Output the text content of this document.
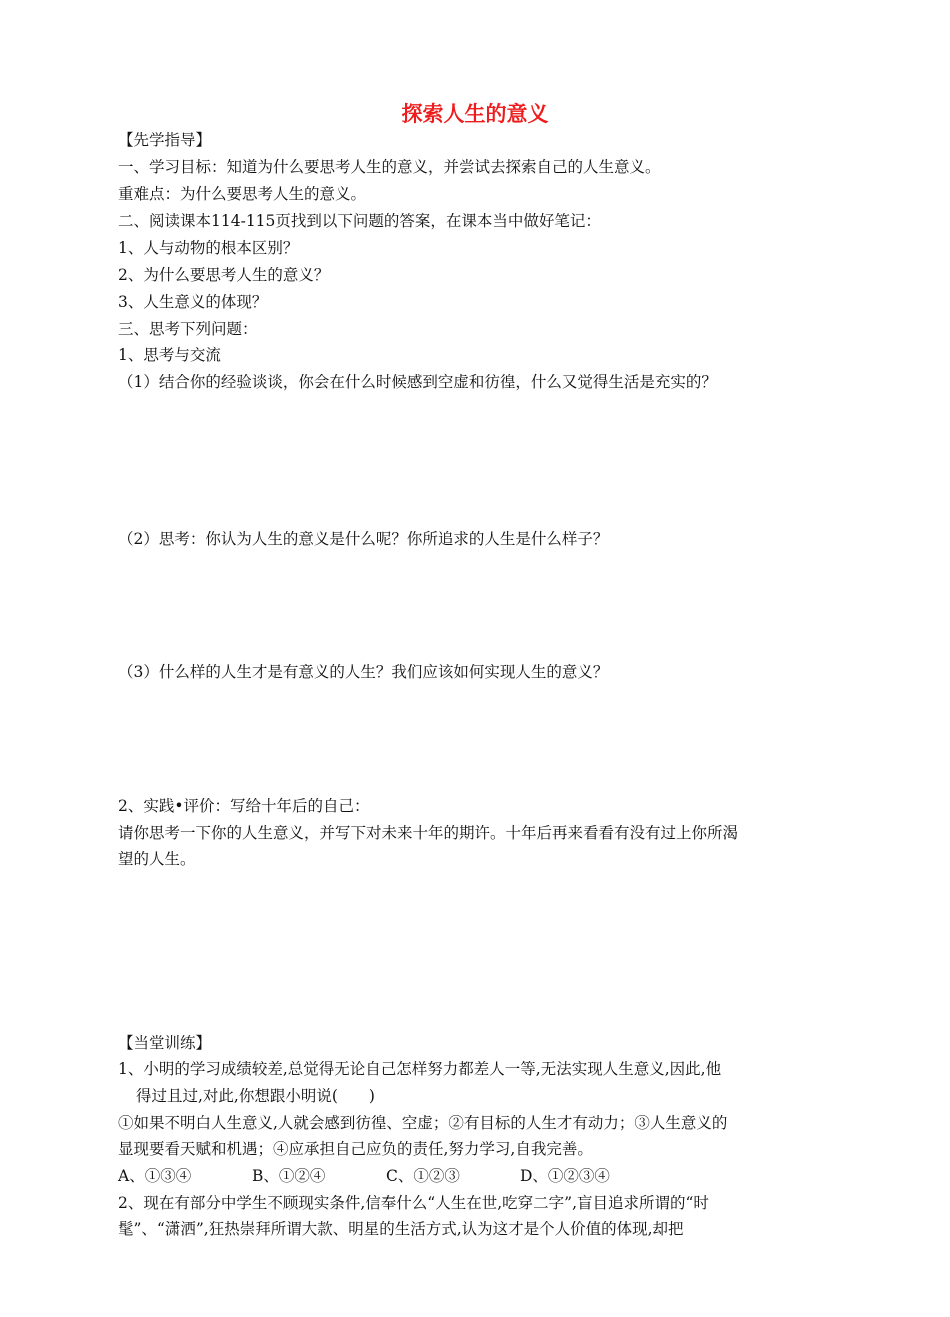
探索人生的意义

【先学指导】

一、学习目标：知道为什么要思考人生的意义，并尝试去探索自己的人生意义。

重难点：为什么要思考人生的意义。

二、阅读课本114-115页找到以下问题的答案，在课本当中做好笔记：

1、人与动物的根本区别？

2、为什么要思考人生的意义？

3、人生意义的体现？

三、思考下列问题：

1、思考与交流

（1）结合你的经验谈谈，你会在什么时候感到空虚和彷徨，什么又觉得生活是充实的？

（2）思考：你认为人生的意义是什么呢？你所追求的人生是什么样子？

（3）什么样的人生才是有意义的人生？我们应该如何实现人生的意义？

2、实践•评价：写给十年后的自己：

请你思考一下你的人生意义，并写下对未来十年的期许。十年后再来看看有没有过上你所渴

望的人生。

【当堂训练】

1、小明的学习成绩较差,总觉得无论自己怎样努力都差人一等,无法实现人生意义,因此,他

得过且过,对此,你想跟小明说(　　)

①如果不明白人生意义,人就会感到彷徨、空虚；②有目标的人生才有动力；③人生意义的

显现要看天赋和机遇；④应承担自己应负的责任,努力学习,自我完善。

A、①③④	B、①②④	C、①②③	D、①②③④

2、现在有部分中学生不顾现实条件,信奉什么“人生在世,吃穿二字”,盲目追求所谓的“时

髦”、“潇洒”,狂热崇拜所谓大款、明星的生活方式,认为这才是个人价值的体现,却把
